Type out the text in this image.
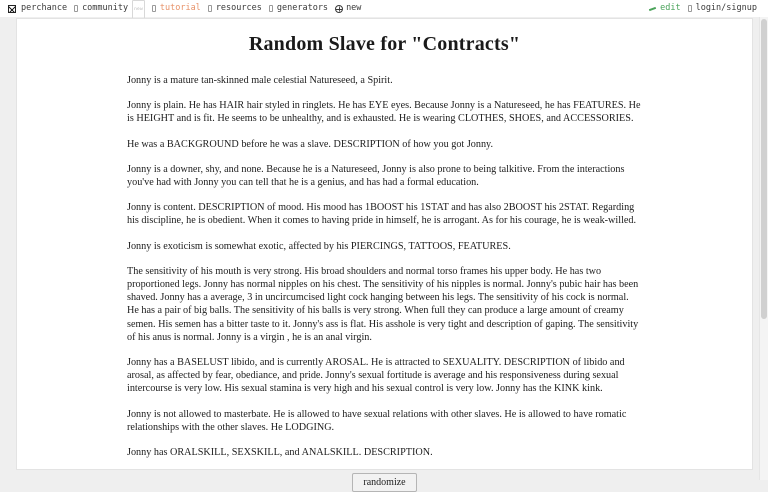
perchance community	new tutorial resources generators new	edit login/signup
Random Slave for "Contracts"

Jonny is a mature tan-skinned male celestial Natureseed, a Spirit.

Jonny is plain. He has HAIR hair styled in ringlets. He has EYE eyes. Because Jonny is a Natureseed, he has FEATURES. He is HEIGHT and is fit. He seems to be unhealthy, and is exhausted. He is wearing CLOTHES, SHOES, and ACCESSORIES.

He was a BACKGROUND before he was a slave. DESCRIPTION of how you got Jonny.

Jonny is a downer, shy, and none. Because he is a Natureseed, Jonny is also prone to being talkitive. From the interactions you've had with Jonny you can tell that he is a genius, and has had a formal education.

Jonny is content. DESCRIPTION of mood. His mood has 1BOOST his 1STAT and has also 2BOOST his 2STAT. Regarding his discipline, he is obedient. When it comes to having pride in himself, he is arrogant. As for his courage, he is weak-willed.

Jonny is exoticism is somewhat exotic, affected by his PIERCINGS, TATTOOS, FEATURES.

The sensitivity of his mouth is very strong. His broad shoulders and normal torso frames his upper body. He has two proportioned legs. Jonny has normal nipples on his chest. The sensitivity of his nipples is normal. Jonny's pubic hair has been shaved. Jonny has a average, 3 in uncircumcised light cock hanging between his legs. The sensitivity of his cock is normal. He has a pair of big balls. The sensitivity of his balls is very strong. When full they can produce a large amount of creamy semen. His semen has a bitter taste to it. Jonny's ass is flat. His asshole is very tight and description of gaping. The sensitivity of his anus is normal. Jonny is a virgin , he is an anal virgin.

Jonny has a BASELUST libido, and is currently AROSAL. He is attracted to SEXUALITY. DESCRIPTION of libido and arosal, as affected by fear, obediance, and pride. Jonny's sexual fortitude is average and his responsiveness during sexual intercourse is very low. His sexual stamina is very high and his sexual control is very low. Jonny has the KINK kink.

Jonny is not allowed to masterbate. He is allowed to have sexual relations with other slaves. He is allowed to have romatic relationships with the other slaves. He LODGING.

Jonny has ORALSKILL, SEXSKILL, and ANALSKILL. DESCRIPTION.

randomize
